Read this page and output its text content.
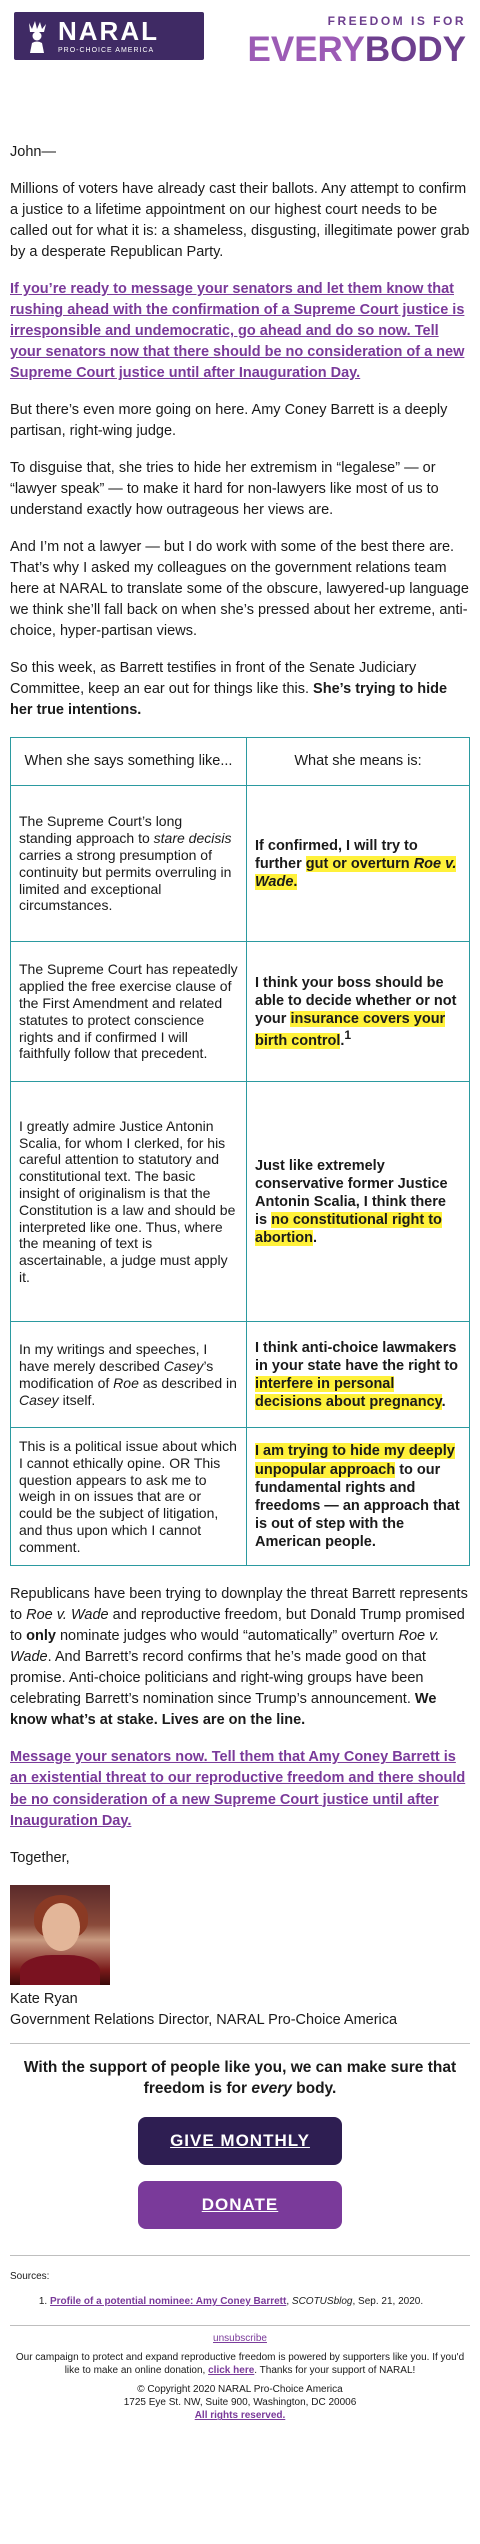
NARAL
PRO-CHOICE AMERICA
FREEDOM IS FOR
EVERYBODY

John—

Millions of voters have already cast their ballots. Any attempt to confirm a justice to a lifetime appointment on our highest court needs to be called out for what it is: a shameless, disgusting, illegitimate power grab by a desperate Republican Party.

If you’re ready to message your senators and let them know that rushing ahead with the confirmation of a Supreme Court justice is irresponsible and undemocratic, go ahead and do so now. Tell your senators now that there should be no consideration of a new Supreme Court justice until after Inauguration Day.

But there’s even more going on here. Amy Coney Barrett is a deeply partisan, right-wing judge.

To disguise that, she tries to hide her extremism in “legalese” — or “lawyer speak” — to make it hard for non-lawyers like most of us to understand exactly how outrageous her views are.

And I’m not a lawyer — but I do work with some of the best there are. That’s why I asked my colleagues on the government relations team here at NARAL to translate some of the obscure, lawyered-up language we think she’ll fall back on when she’s pressed about her extreme, anti-choice, hyper-partisan views.

So this week, as Barrett testifies in front of the Senate Judiciary Committee, keep an ear out for things like this. She’s trying to hide her true intentions.

When she says something like...	What she means is:
The Supreme Court’s long standing approach to stare decisis carries a strong presumption of continuity but permits overruling in limited and exceptional circumstances.	If confirmed, I will try to further gut or overturn Roe v. Wade.
The Supreme Court has repeatedly applied the free exercise clause of the First Amendment and related statutes to protect conscience rights and if confirmed I will faithfully follow that precedent.	I think your boss should be able to decide whether or not your insurance covers your birth control.$^1$
I greatly admire Justice Antonin Scalia, for whom I clerked, for his careful attention to statutory and constitutional text. The basic insight of originalism is that the Constitution is a law and should be interpreted like one. Thus, where the meaning of text is ascertainable, a judge must apply it.	Just like extremely conservative former Justice Antonin Scalia, I think there is no constitutional right to abortion.
In my writings and speeches, I have merely described Casey’s modification of Roe as described in Casey itself.	I think anti-choice lawmakers in your state have the right to interfere in personal decisions about pregnancy.
This is a political issue about which I cannot ethically opine. OR This question appears to ask me to weigh in on issues that are or could be the subject of litigation, and thus upon which I cannot comment.	I am trying to hide my deeply unpopular approach to our fundamental rights and freedoms — an approach that is out of step with the American people.

Republicans have been trying to downplay the threat Barrett represents to Roe v. Wade and reproductive freedom, but Donald Trump promised to only nominate judges who would “automatically” overturn Roe v. Wade. And Barrett’s record confirms that he’s made good on that promise. Anti-choice politicians and right-wing groups have been celebrating Barrett’s nomination since Trump’s announcement. We know what’s at stake. Lives are on the line.

Message your senators now. Tell them that Amy Coney Barrett is an existential threat to our reproductive freedom and there should be no consideration of a new Supreme Court justice until after Inauguration Day.

Together,

Kate Ryan
Government Relations Director, NARAL Pro-Choice America
With the support of people like you, we can make sure that freedom is for every body.
GIVE MONTHLY
DONATE
Sources:
1. Profile of a potential nominee: Amy Coney Barrett, SCOTUSblog, Sep. 21, 2020.
unsubscribe
Our campaign to protect and expand reproductive freedom is powered by supporters like you. If you'd like to make an online donation, click here. Thanks for your support of NARAL!
© Copyright 2020 NARAL Pro-Choice America
1725 Eye St. NW, Suite 900, Washington, DC 20006
All rights reserved.
